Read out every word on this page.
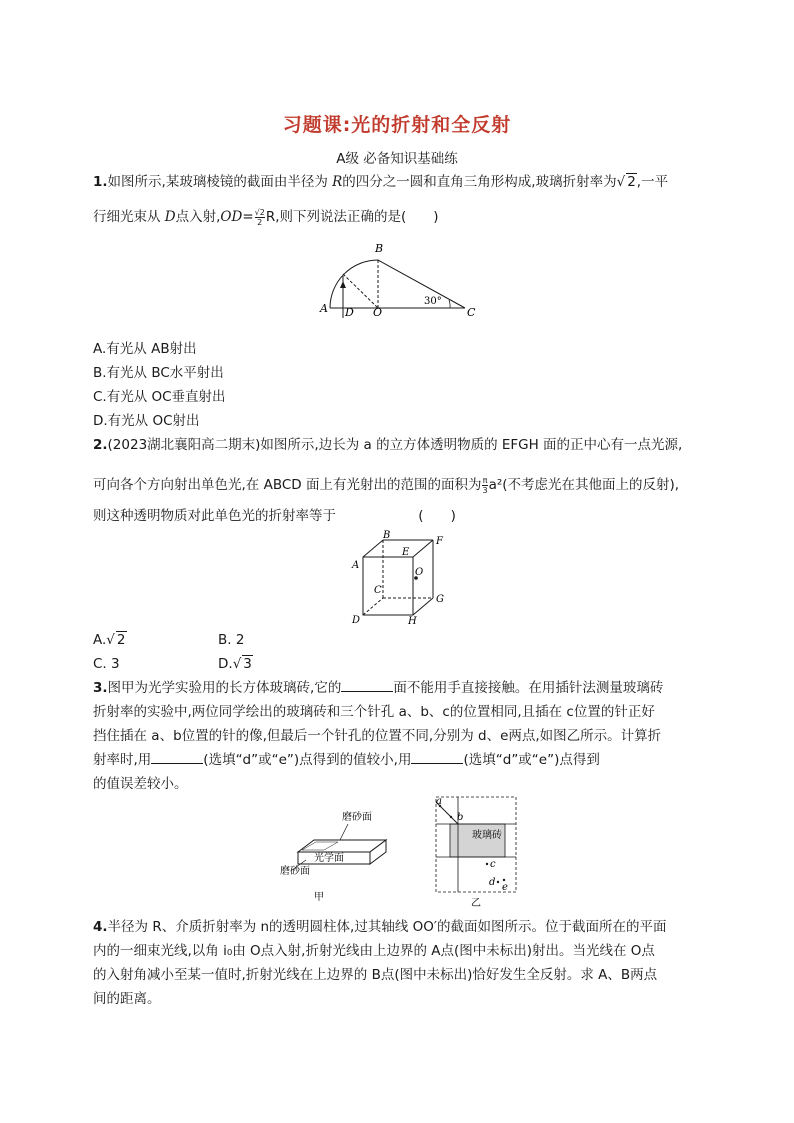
习题课:光的折射和全反射
A级 必备知识基础练
1.如图所示,某玻璃棱镜的截面由半径为 R的四分之一圆和直角三角形构成,玻璃折射率为√ 2,一平
行细光束从 D点入射$,OD= \frac{√2}{2} R$,则下列说法正确的是(　　)
B
A D O	C
30°
A.有光从 AB射出
B.有光从 BC水平射出
C.有光从 OC垂直射出
D.有光从 OC射出
2.(2023湖北襄阳高二期末)如图所示,边长为 a 的立方体透明物质的 EFGH 面的正中心有一点光源,
可向各个方向射出单色光,在 ABCD 面上有光射出的范围的面积为 $\frac{\pi}{3} a^2$(不考虑光在其他面上的反射),
则这种透明物质对此单色光的折射率等于	(　　)
A
B
C
D
E
F
G
H
O
A.√ 2	B. 2
C. 3	D.√ 3
3.图甲为光学实验用的长方体玻璃砖,它的	面不能用手直接接触。在用插针法测量玻璃砖
折射率的实验中,两位同学绘出的玻璃砖和三个针孔 a、b、c的位置相同,且插在 c位置的针正好
挡住插在 a、b位置的针的像,但最后一个针孔的位置不同,分别为 d、e两点,如图乙所示。计算折
射率时,用	(选填“d”或“e”)点得到的值较小,用	(选填“d”或“e”)点得到
的值误差较小。
磨砂面
光学面
磨砂面
甲
a
b
c
d e
玻璃砖
乙
4.半径为 R、介质折射率为 n的透明圆柱体,过其轴线 OO′的截面如图所示。位于截面所在的平面
内的一细束光线,以角 i₀由 O点入射,折射光线由上边界的 A点(图中未标出)射出。当光线在 O点
的入射角减小至某一值时,折射光线在上边界的 B点(图中未标出)恰好发生全反射。求 A、B两点
间的距离。
